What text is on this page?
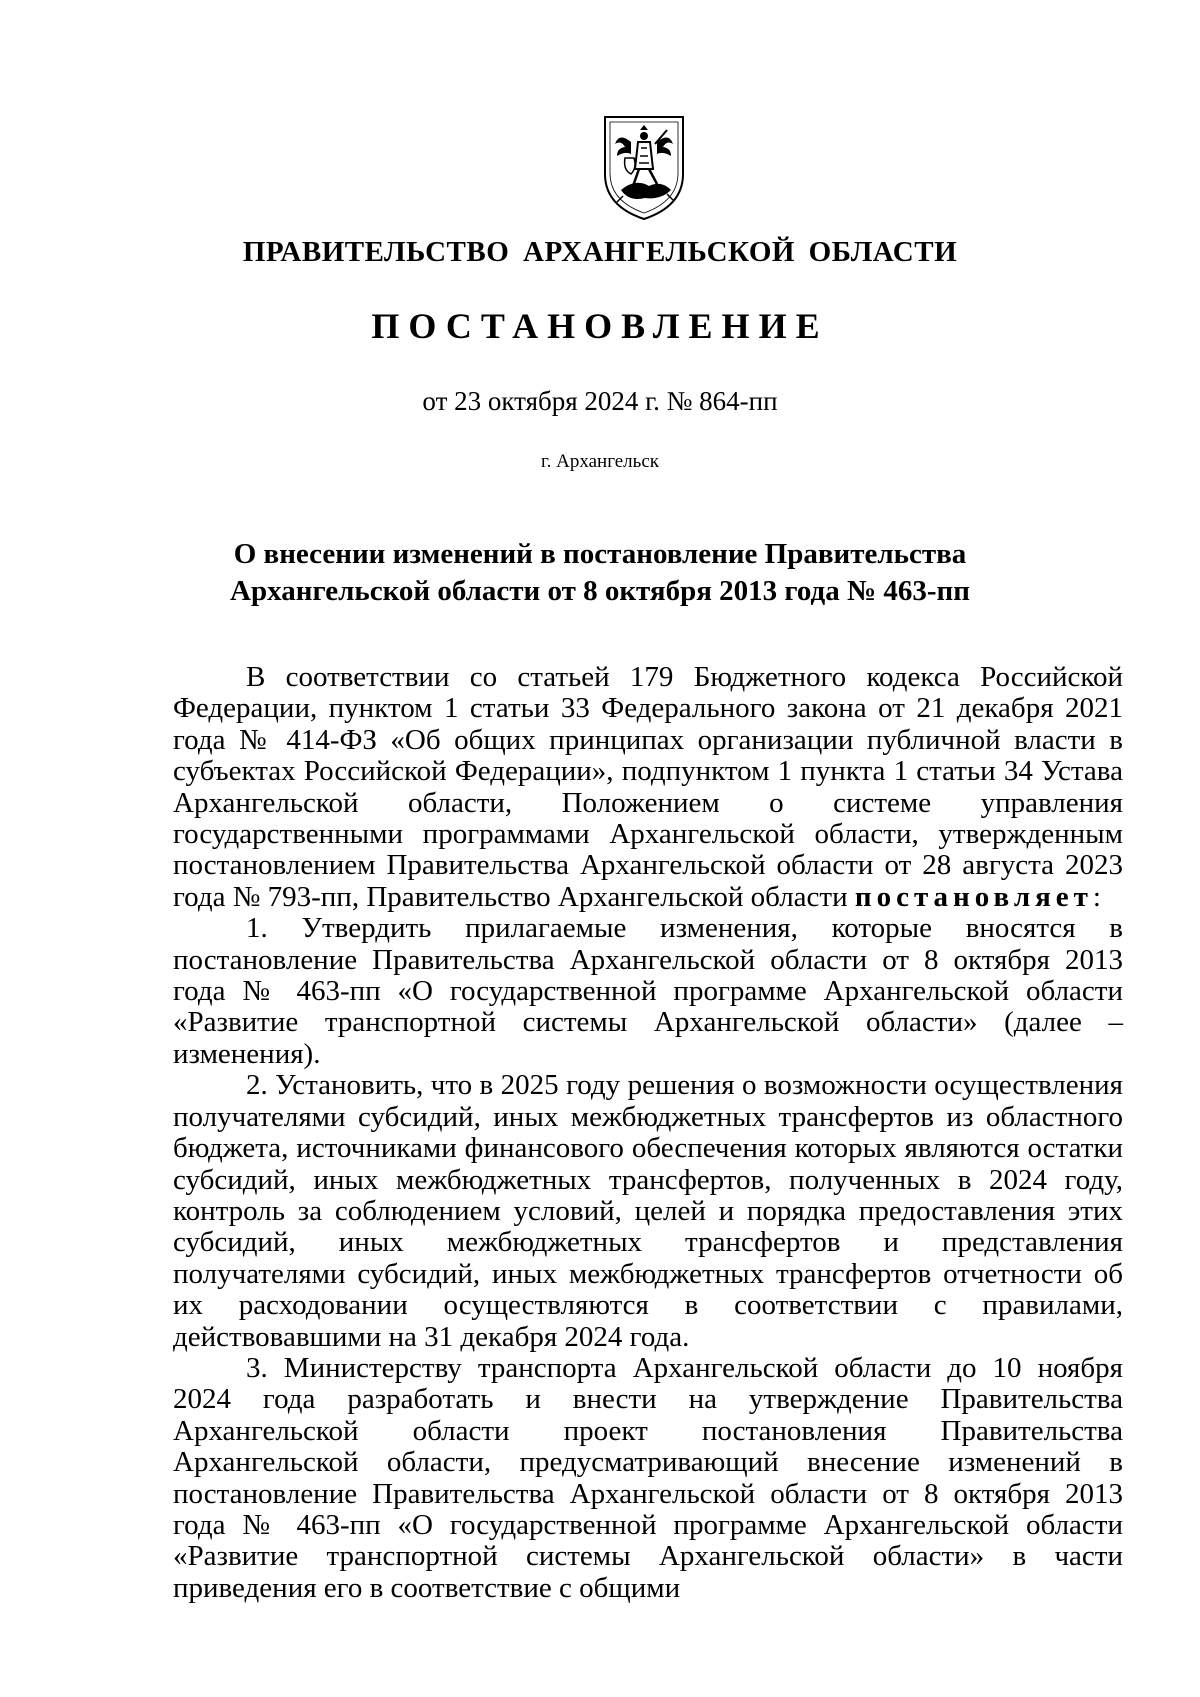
ПРАВИТЕЛЬСТВО АРХАНГЕЛЬСКОЙ ОБЛАСТИ
ПОСТАНОВЛЕНИЕ
от 23 октября 2024 г. № 864-пп
г. Архангельск
О внесении изменений в постановление Правительства
Архангельской области от 8 октября 2013 года № 463-пп

В соответствии со статьей 179 Бюджетного кодекса Российской Федерации, пунктом 1 статьи 33 Федерального закона от 21 декабря 2021 года № 414-ФЗ «Об общих принципах организации публичной власти в субъектах Российской Федерации», подпунктом 1 пункта 1 статьи 34 Устава Архангельской области, Положением о системе управления государственными программами Архангельской области, утвержденным постановлением Правительства Архангельской области от 28 августа 2023 года № 793-пп, Правительство Архангельской области постановляет:

1. Утвердить прилагаемые изменения, которые вносятся в постановление Правительства Архангельской области от 8 октября 2013 года № 463-пп «О государственной программе Архангельской области «Развитие транспортной системы Архангельской области» (далее – изменения).

2. Установить, что в 2025 году решения о возможности осуществления получателями субсидий, иных межбюджетных трансфертов из областного бюджета, источниками финансового обеспечения которых являются остатки субсидий, иных межбюджетных трансфертов, полученных в 2024 году, контроль за соблюдением условий, целей и порядка предоставления этих субсидий, иных межбюджетных трансфертов и представления получателями субсидий, иных межбюджетных трансфертов отчетности об их расходовании осуществляются в соответствии с правилами, действовавшими на 31 декабря 2024 года.

3. Министерству транспорта Архангельской области до 10 ноября 2024 года разработать и внести на утверждение Правительства Архангельской области проект постановления Правительства Архангельской области, предусматривающий внесение изменений в постановление Правительства Архангельской области от 8 октября 2013 года № 463-пп «О государственной программе Архангельской области «Развитие транспортной системы Архангельской области» в части приведения его в соответствие с общими
